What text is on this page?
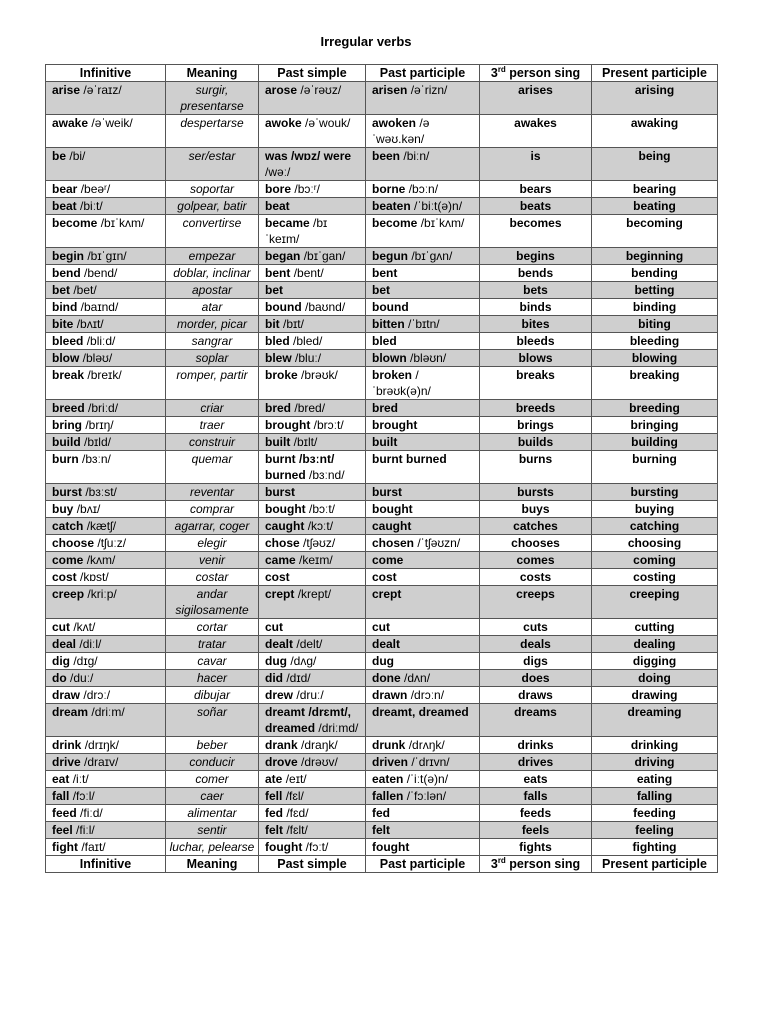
Irregular verbs
Infinitive	Meaning	Past simple	Past participle	3rd person sing	Present participle
arise /əˈraɪz/	surgir, presentarse	arose /əˈrəʊz/	arisen /əˈrizn/	arises	arising
awake /əˈweik/	despertarse	awoke /əˈwouk/	awoken /əˈwəʊ.kən/	awakes	awaking
be /bi/	ser/estar	was /wɒz/ were /wəː/	been /biːn/	is	being
bear /beəʳ/	soportar	bore /bɔːʳ/	borne /bɔːn/	bears	bearing
beat /biːt/	golpear, batir	beat	beaten /ˈbiːt(ə)n/	beats	beating
become /bɪˈkʌm/	convertirse	became /bɪˈkeɪm/	become /bɪˈkʌm/	becomes	becoming
begin /bɪˈgɪn/	empezar	began /bɪˈgan/	begun /bɪˈgʌn/	begins	beginning
bend /bend/	doblar, inclinar	bent /bent/	bent	bends	bending
bet /bet/	apostar	bet	bet	bets	betting
bind /baɪnd/	atar	bound /baʊnd/	bound	binds	binding
bite /bʌɪt/	morder, picar	bit /bɪt/	bitten /ˈbɪtn/	bites	biting
bleed /bliːd/	sangrar	bled /bled/	bled	bleeds	bleeding
blow /bləʊ/	soplar	blew /bluː/	blown /bləʊn/	blows	blowing
break /breɪk/	romper, partir	broke /brəʊk/	broken /ˈbrəʊk(ə)n/	breaks	breaking
breed /briːd/	criar	bred /bred/	bred	breeds	breeding
bring /brɪŋ/	traer	brought /brɔːt/	brought	brings	bringing
build /bɪld/	construir	built /bɪlt/	built	builds	building
burn /bɜːn/	quemar	burnt /bɜːnt/ burned /bɜːnd/	burnt burned	burns	burning
burst /bɜːst/	reventar	burst	burst	bursts	bursting
buy /bʌɪ/	comprar	bought /bɔːt/	bought	buys	buying
catch /kætʃ/	agarrar, coger	caught /kɔːt/	caught	catches	catching
choose /tʃuːz/	elegir	chose /tʃəʊz/	chosen /ˈtʃəʊzn/	chooses	choosing
come /kʌm/	venir	came /keɪm/	come	comes	coming
cost /kɒst/	costar	cost	cost	costs	costing
creep /kriːp/	andar sigilosamente	crept /krept/	crept	creeps	creeping
cut /kʌt/	cortar	cut	cut	cuts	cutting
deal /diːl/	tratar	dealt /delt/	dealt	deals	dealing
dig /dɪg/	cavar	dug /dʌg/	dug	digs	digging
do /duː/	hacer	did /dɪd/	done /dʌn/	does	doing
draw /drɔː/	dibujar	drew /druː/	drawn /drɔːn/	draws	drawing
dream /driːm/	soñar	dreamt /drɛmt/, dreamed /driːmd/	dreamt, dreamed	dreams	dreaming
drink /drɪŋk/	beber	drank /draŋk/	drunk /drʌŋk/	drinks	drinking
drive /draɪv/	conducir	drove /drəʊv/	driven /ˈdrɪvn/	drives	driving
eat /iːt/	comer	ate /eɪt/	eaten /ˈiːt(ə)n/	eats	eating
fall /fɔːl/	caer	fell /fɛl/	fallen /ˈfɔːlən/	falls	falling
feed /fiːd/	alimentar	fed /fɛd/	fed	feeds	feeding
feel /fiːl/	sentir	felt /fɛlt/	felt	feels	feeling
fight /faɪt/	luchar, pelearse	fought /fɔːt/	fought	fights	fighting
Infinitive	Meaning	Past simple	Past participle	3rd person sing	Present participle
